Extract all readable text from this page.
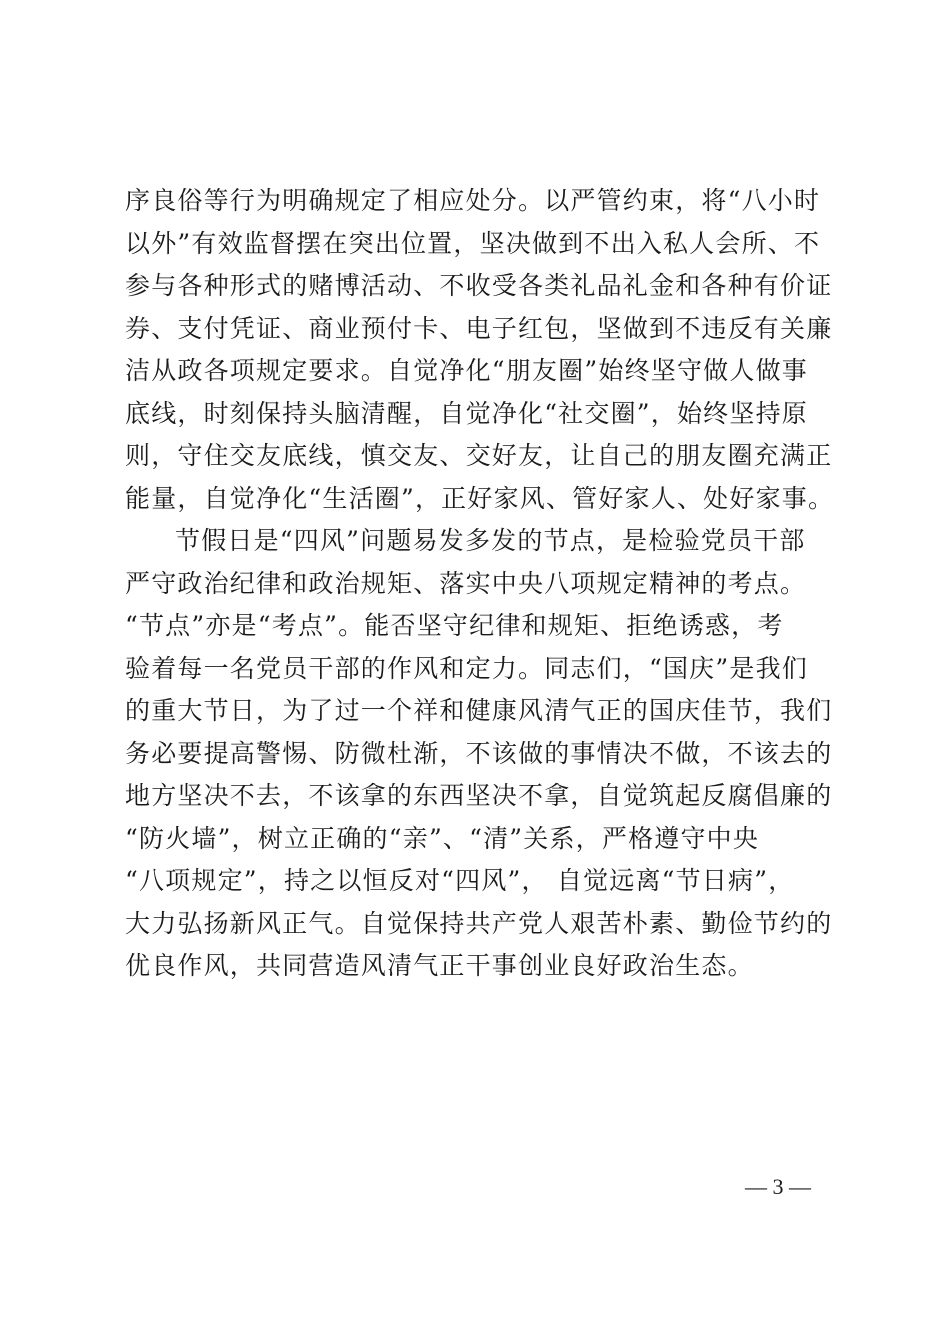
序良俗等行为明确规定了相应处分。以严管约束，将“八小时
以外”有效监督摆在突出位置，坚决做到不出入私人会所、不
参与各种形式的赌博活动、不收受各类礼品礼金和各种有价证
券、支付凭证、商业预付卡、电子红包，坚做到不违反有关廉
洁从政各项规定要求。自觉净化“朋友圈”始终坚守做人做事
底线，时刻保持头脑清醒，自觉净化“社交圈”，始终坚持原
则，守住交友底线，慎交友、交好友，让自己的朋友圈充满正
能量，自觉净化“生活圈”，正好家风、管好家人、处好家事。
节假日是“四风”问题易发多发的节点，是检验党员干部
严守政治纪律和政治规矩、落实中央八项规定精神的考点。
“节点”亦是“考点”。能否坚守纪律和规矩、拒绝诱惑，考
验着每一名党员干部的作风和定力。同志们，“国庆”是我们
的重大节日，为了过一个祥和健康风清气正的国庆佳节，我们
务必要提高警惕、防微杜渐，不该做的事情决不做，不该去的
地方坚决不去，不该拿的东西坚决不拿，自觉筑起反腐倡廉的
“防火墙”，树立正确的“亲”、“清”关系，严格遵守中央
“八项规定”，持之以恒反对“四风”， 自觉远离“节日病”，
大力弘扬新风正气。自觉保持共产党人艰苦朴素、勤俭节约的
优良作风，共同营造风清气正干事创业良好政治生态。
— 3 —
